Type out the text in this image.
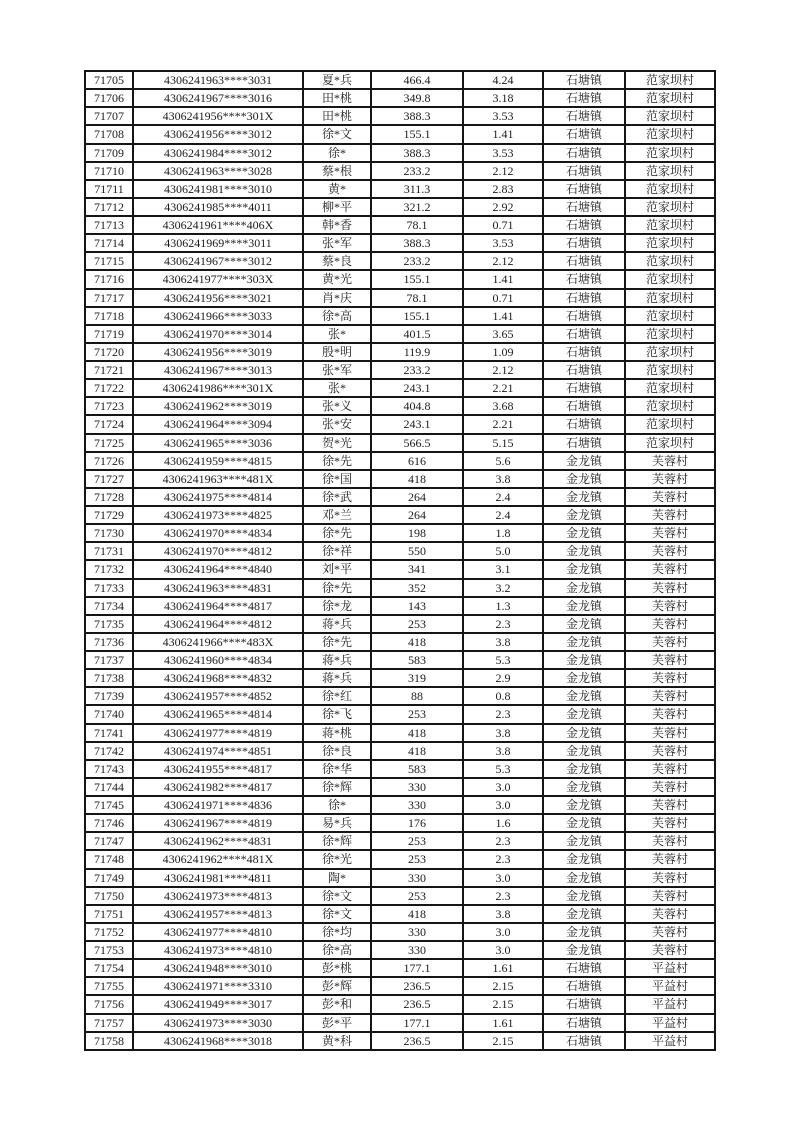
71705	4306241963****3031	夏*兵	466.4	4.24	石塘镇	范家坝村
71706	4306241967****3016	田*桃	349.8	3.18	石塘镇	范家坝村
71707	4306241956****301X	田*桃	388.3	3.53	石塘镇	范家坝村
71708	4306241956****3012	徐*文	155.1	1.41	石塘镇	范家坝村
71709	4306241984****3012	徐*	388.3	3.53	石塘镇	范家坝村
71710	4306241963****3028	蔡*根	233.2	2.12	石塘镇	范家坝村
71711	4306241981****3010	黄*	311.3	2.83	石塘镇	范家坝村
71712	4306241985****4011	柳*平	321.2	2.92	石塘镇	范家坝村
71713	4306241961****406X	韩*香	78.1	0.71	石塘镇	范家坝村
71714	4306241969****3011	张*军	388.3	3.53	石塘镇	范家坝村
71715	4306241967****3012	蔡*良	233.2	2.12	石塘镇	范家坝村
71716	4306241977****303X	黄*光	155.1	1.41	石塘镇	范家坝村
71717	4306241956****3021	肖*庆	78.1	0.71	石塘镇	范家坝村
71718	4306241966****3033	徐*高	155.1	1.41	石塘镇	范家坝村
71719	4306241970****3014	张*	401.5	3.65	石塘镇	范家坝村
71720	4306241956****3019	殷*明	119.9	1.09	石塘镇	范家坝村
71721	4306241967****3013	张*军	233.2	2.12	石塘镇	范家坝村
71722	4306241986****301X	张*	243.1	2.21	石塘镇	范家坝村
71723	4306241962****3019	张*义	404.8	3.68	石塘镇	范家坝村
71724	4306241964****3094	张*安	243.1	2.21	石塘镇	范家坝村
71725	4306241965****3036	贺*光	566.5	5.15	石塘镇	范家坝村
71726	4306241959****4815	徐*先	616	5.6	金龙镇	芙蓉村
71727	4306241963****481X	徐*国	418	3.8	金龙镇	芙蓉村
71728	4306241975****4814	徐*武	264	2.4	金龙镇	芙蓉村
71729	4306241973****4825	邓*兰	264	2.4	金龙镇	芙蓉村
71730	4306241970****4834	徐*先	198	1.8	金龙镇	芙蓉村
71731	4306241970****4812	徐*祥	550	5.0	金龙镇	芙蓉村
71732	4306241964****4840	刘*平	341	3.1	金龙镇	芙蓉村
71733	4306241963****4831	徐*先	352	3.2	金龙镇	芙蓉村
71734	4306241964****4817	徐*龙	143	1.3	金龙镇	芙蓉村
71735	4306241964****4812	蒋*兵	253	2.3	金龙镇	芙蓉村
71736	4306241966****483X	徐*先	418	3.8	金龙镇	芙蓉村
71737	4306241960****4834	蒋*兵	583	5.3	金龙镇	芙蓉村
71738	4306241968****4832	蒋*兵	319	2.9	金龙镇	芙蓉村
71739	4306241957****4852	徐*红	88	0.8	金龙镇	芙蓉村
71740	4306241965****4814	徐*飞	253	2.3	金龙镇	芙蓉村
71741	4306241977****4819	蒋*桃	418	3.8	金龙镇	芙蓉村
71742	4306241974****4851	徐*良	418	3.8	金龙镇	芙蓉村
71743	4306241955****4817	徐*华	583	5.3	金龙镇	芙蓉村
71744	4306241982****4817	徐*辉	330	3.0	金龙镇	芙蓉村
71745	4306241971****4836	徐*	330	3.0	金龙镇	芙蓉村
71746	4306241967****4819	易*兵	176	1.6	金龙镇	芙蓉村
71747	4306241962****4831	徐*辉	253	2.3	金龙镇	芙蓉村
71748	4306241962****481X	徐*光	253	2.3	金龙镇	芙蓉村
71749	4306241981****4811	陶*	330	3.0	金龙镇	芙蓉村
71750	4306241973****4813	徐*文	253	2.3	金龙镇	芙蓉村
71751	4306241957****4813	徐*文	418	3.8	金龙镇	芙蓉村
71752	4306241977****4810	徐*均	330	3.0	金龙镇	芙蓉村
71753	4306241973****4810	徐*高	330	3.0	金龙镇	芙蓉村
71754	4306241948****3010	彭*桃	177.1	1.61	石塘镇	平益村
71755	4306241971****3310	彭*辉	236.5	2.15	石塘镇	平益村
71756	4306241949****3017	彭*和	236.5	2.15	石塘镇	平益村
71757	4306241973****3030	彭*平	177.1	1.61	石塘镇	平益村
71758	4306241968****3018	黄*科	236.5	2.15	石塘镇	平益村
